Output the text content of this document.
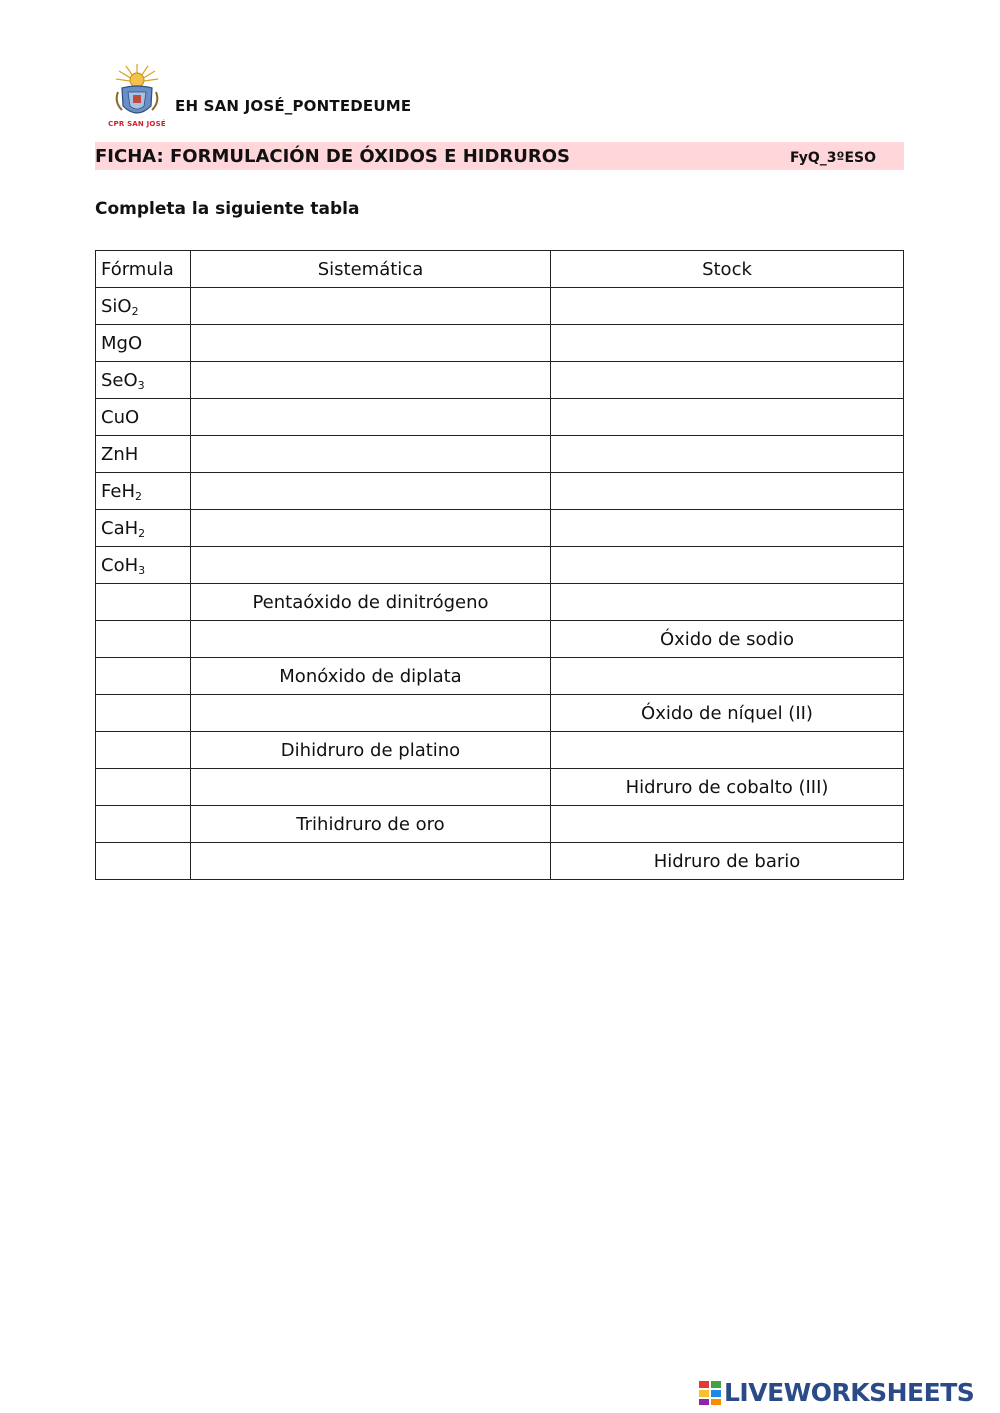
CPR SAN JOSÉ
EH SAN JOSÉ_PONTEDEUME
FICHA: FORMULACIÓN DE ÓXIDOS E HIDRUROS	FyQ_3ºESO
Completa la siguiente tabla
Fórmula	Sistemática	Stock
SiO$_2$		
MgO		
SeO$_3$		
CuO		
ZnH		
FeH$_2$		
CaH$_2$		
CoH$_3$		
	Pentaóxido de dinitrógeno	
		Óxido de sodio
	Monóxido de diplata	
		Óxido de níquel (II)
	Dihidruro de platino	
		Hidruro de cobalto (III)
	Trihidruro de oro	
		Hidruro de bario
LIVEWORKSHEETS
